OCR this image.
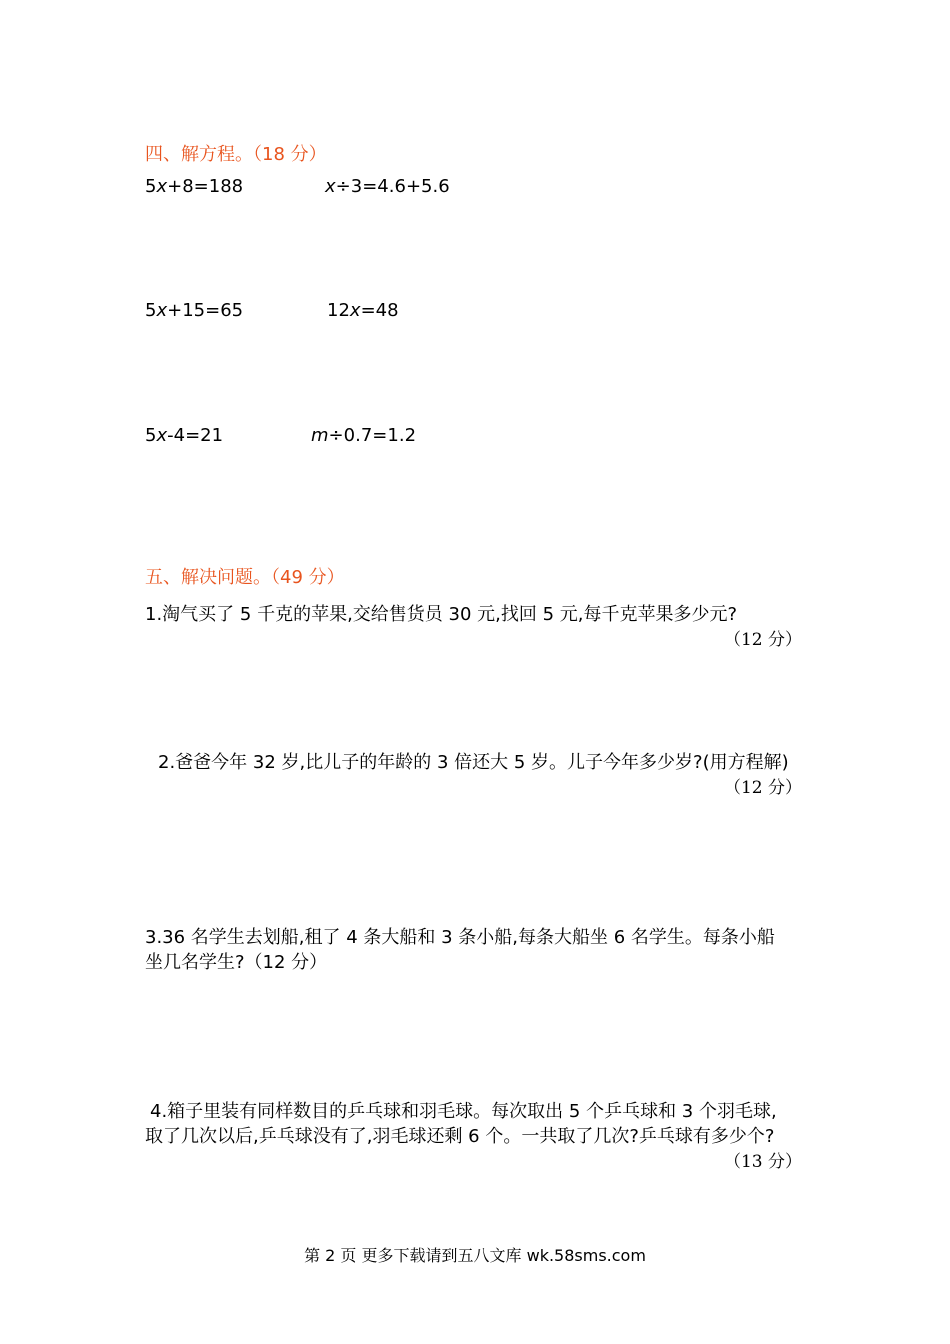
四、解方程。（18 分）
5x+8=188	x÷3=4.6+5.6
5x+15=65	12x=48
5x-4=21	m÷0.7=1.2
五、解决问题。（49 分）
1.淘气买了 5 千克的苹果,交给售货员 30 元,找回 5 元,每千克苹果多少元?
（12 分）
2.爸爸今年 32 岁,比儿子的年龄的 3 倍还大 5 岁。儿子今年多少岁?(用方程解)
（12 分）
3.36 名学生去划船,租了 4 条大船和 3 条小船,每条大船坐 6 名学生。每条小船
坐几名学生?（12 分）
4.箱子里装有同样数目的乒乓球和羽毛球。每次取出 5 个乒乓球和 3 个羽毛球,
取了几次以后,乒乓球没有了,羽毛球还剩 6 个。一共取了几次?乒乓球有多少个?
（13 分）
第 2 页 更多下载请到五八文库 wk.58sms.com
